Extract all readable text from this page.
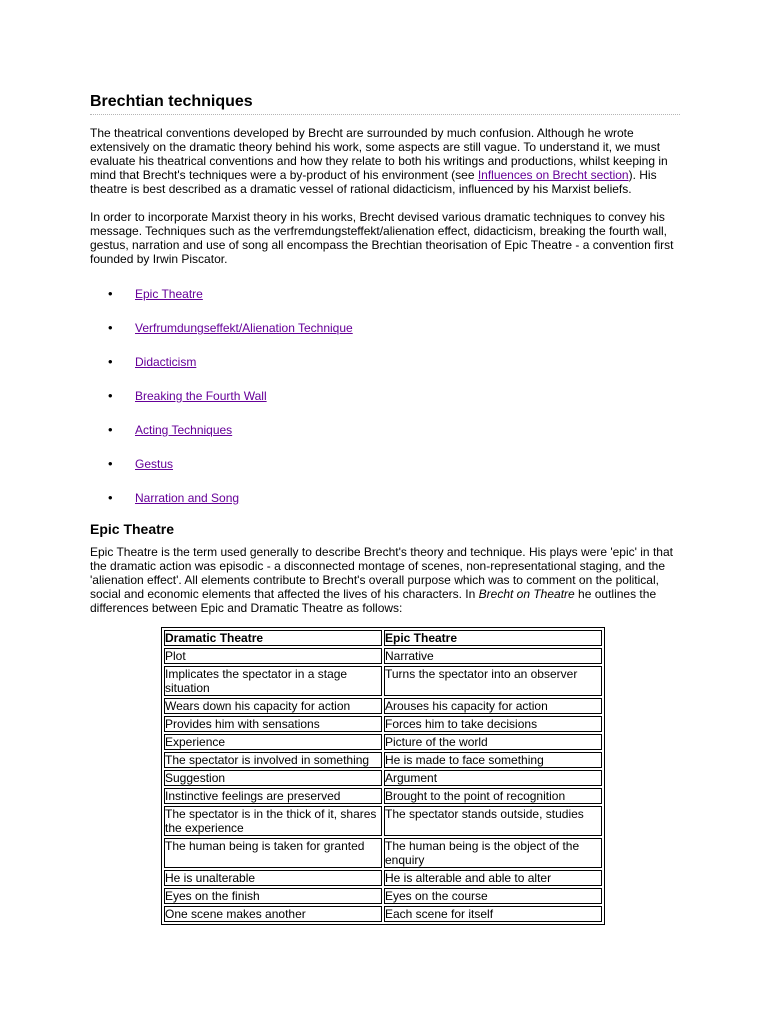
Brechtian techniques

The theatrical conventions developed by Brecht are surrounded by much confusion. Although he wrote extensively on the dramatic theory behind his work, some aspects are still vague. To understand it, we must evaluate his theatrical conventions and how they relate to both his writings and productions, whilst keeping in mind that Brecht's techniques were a by-product of his environment (see Influences on Brecht section). His theatre is best described as a dramatic vessel of rational didacticism, influenced by his Marxist beliefs.

In order to incorporate Marxist theory in his works, Brecht devised various dramatic techniques to convey his message. Techniques such as the verfremdungsteffekt/alienation effect, didacticism, breaking the fourth wall, gestus, narration and use of song all encompass the Brechtian theorisation of Epic Theatre - a convention first founded by Irwin Piscator.

• Epic Theatre
• Verfrumdungseffekt/Alienation Technique
• Didacticism
• Breaking the Fourth Wall
• Acting Techniques
• Gestus
• Narration and Song
Epic Theatre

Epic Theatre is the term used generally to describe Brecht's theory and technique. His plays were 'epic' in that the dramatic action was episodic - a disconnected montage of scenes, non-representational staging, and the 'alienation effect'. All elements contribute to Brecht's overall purpose which was to comment on the political, social and economic elements that affected the lives of his characters. In Brecht on Theatre he outlines the differences between Epic and Dramatic Theatre as follows:

Dramatic Theatre	Epic Theatre
Plot	Narrative
Implicates the spectator in a stage situation	Turns the spectator into an observer
Wears down his capacity for action	Arouses his capacity for action
Provides him with sensations	Forces him to take decisions
Experience	Picture of the world
The spectator is involved in something	He is made to face something
Suggestion	Argument
Instinctive feelings are preserved	Brought to the point of recognition
The spectator is in the thick of it, shares the experience	The spectator stands outside, studies
The human being is taken for granted	The human being is the object of the enquiry
He is unalterable	He is alterable and able to alter
Eyes on the finish	Eyes on the course
One scene makes another	Each scene for itself
